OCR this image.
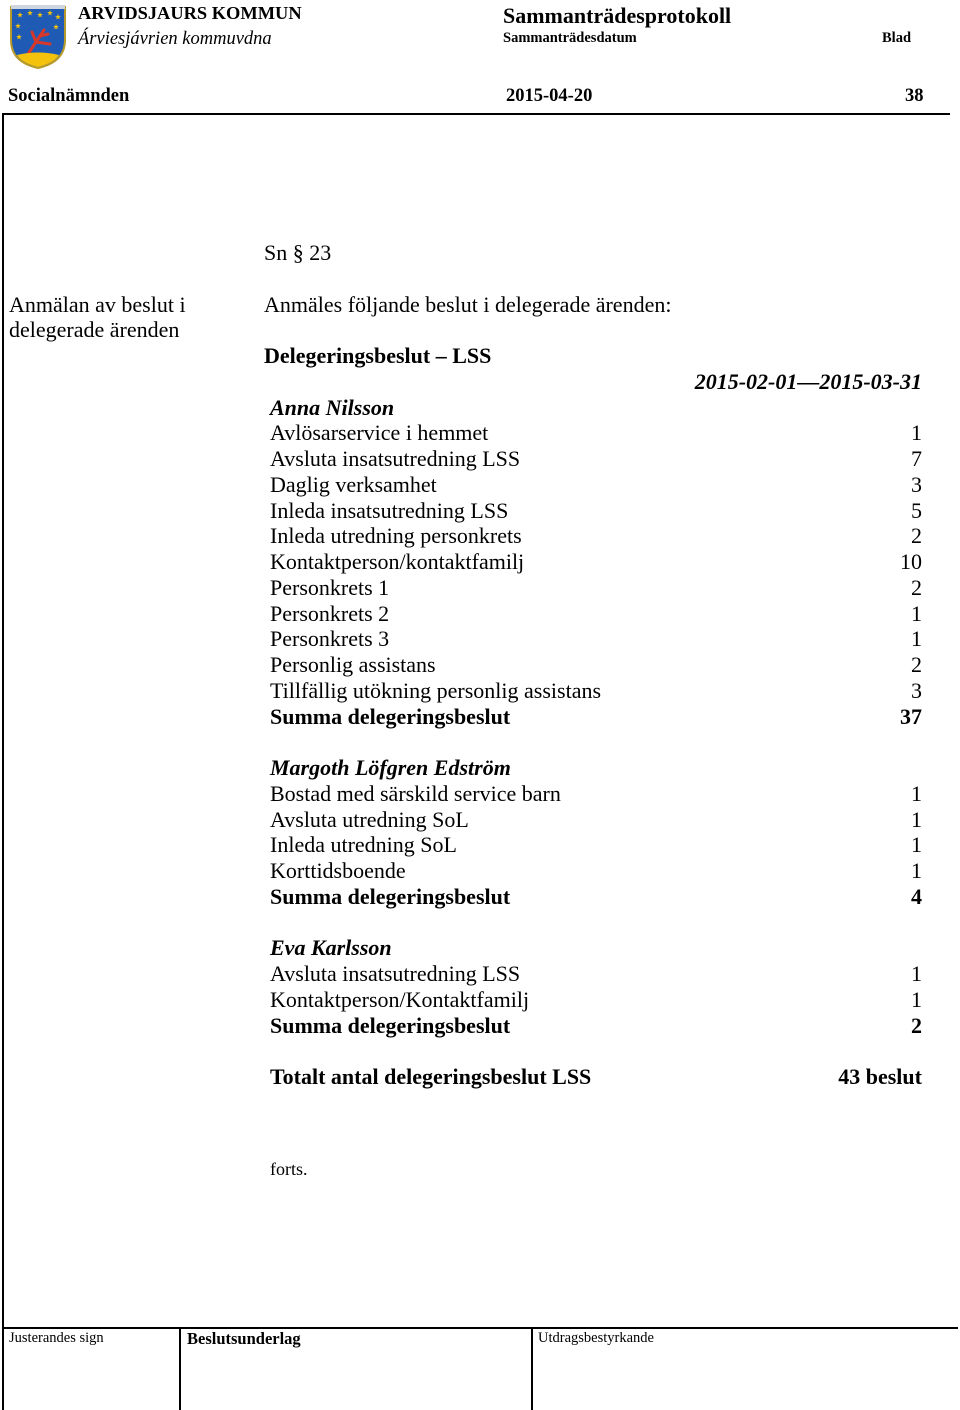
ARVIDSJAURS KOMMUN
Árviesjávrien kommuvdna
Sammanträdesprotokoll
Sammanträdesdatum	Blad
Socialnämnden	2015-04-20	38
Anmälan av beslut i
delegerade ärenden
Sn § 23
Anmäles följande beslut i delegerade ärenden:
Delegeringsbeslut – LSS
2015-02-01—2015-03-31
Anna Nilsson
Avlösarservice i hemmet	1
Avsluta insatsutredning LSS	7
Daglig verksamhet	3
Inleda insatsutredning LSS	5
Inleda utredning personkrets	2
Kontaktperson/kontaktfamilj	10
Personkrets 1	2
Personkrets 2	1
Personkrets 3	1
Personlig assistans	2
Tillfällig utökning personlig assistans	3
Summa delegeringsbeslut	37
Margoth Löfgren Edström
Bostad med särskild service barn	1
Avsluta utredning SoL	1
Inleda utredning SoL	1
Korttidsboende	1
Summa delegeringsbeslut	4
Eva Karlsson
Avsluta insatsutredning LSS	1
Kontaktperson/Kontaktfamilj	1
Summa delegeringsbeslut	2
Totalt antal delegeringsbeslut LSS	43 beslut
forts.
Justerandes sign	Beslutsunderlag	Utdragsbestyrkande
